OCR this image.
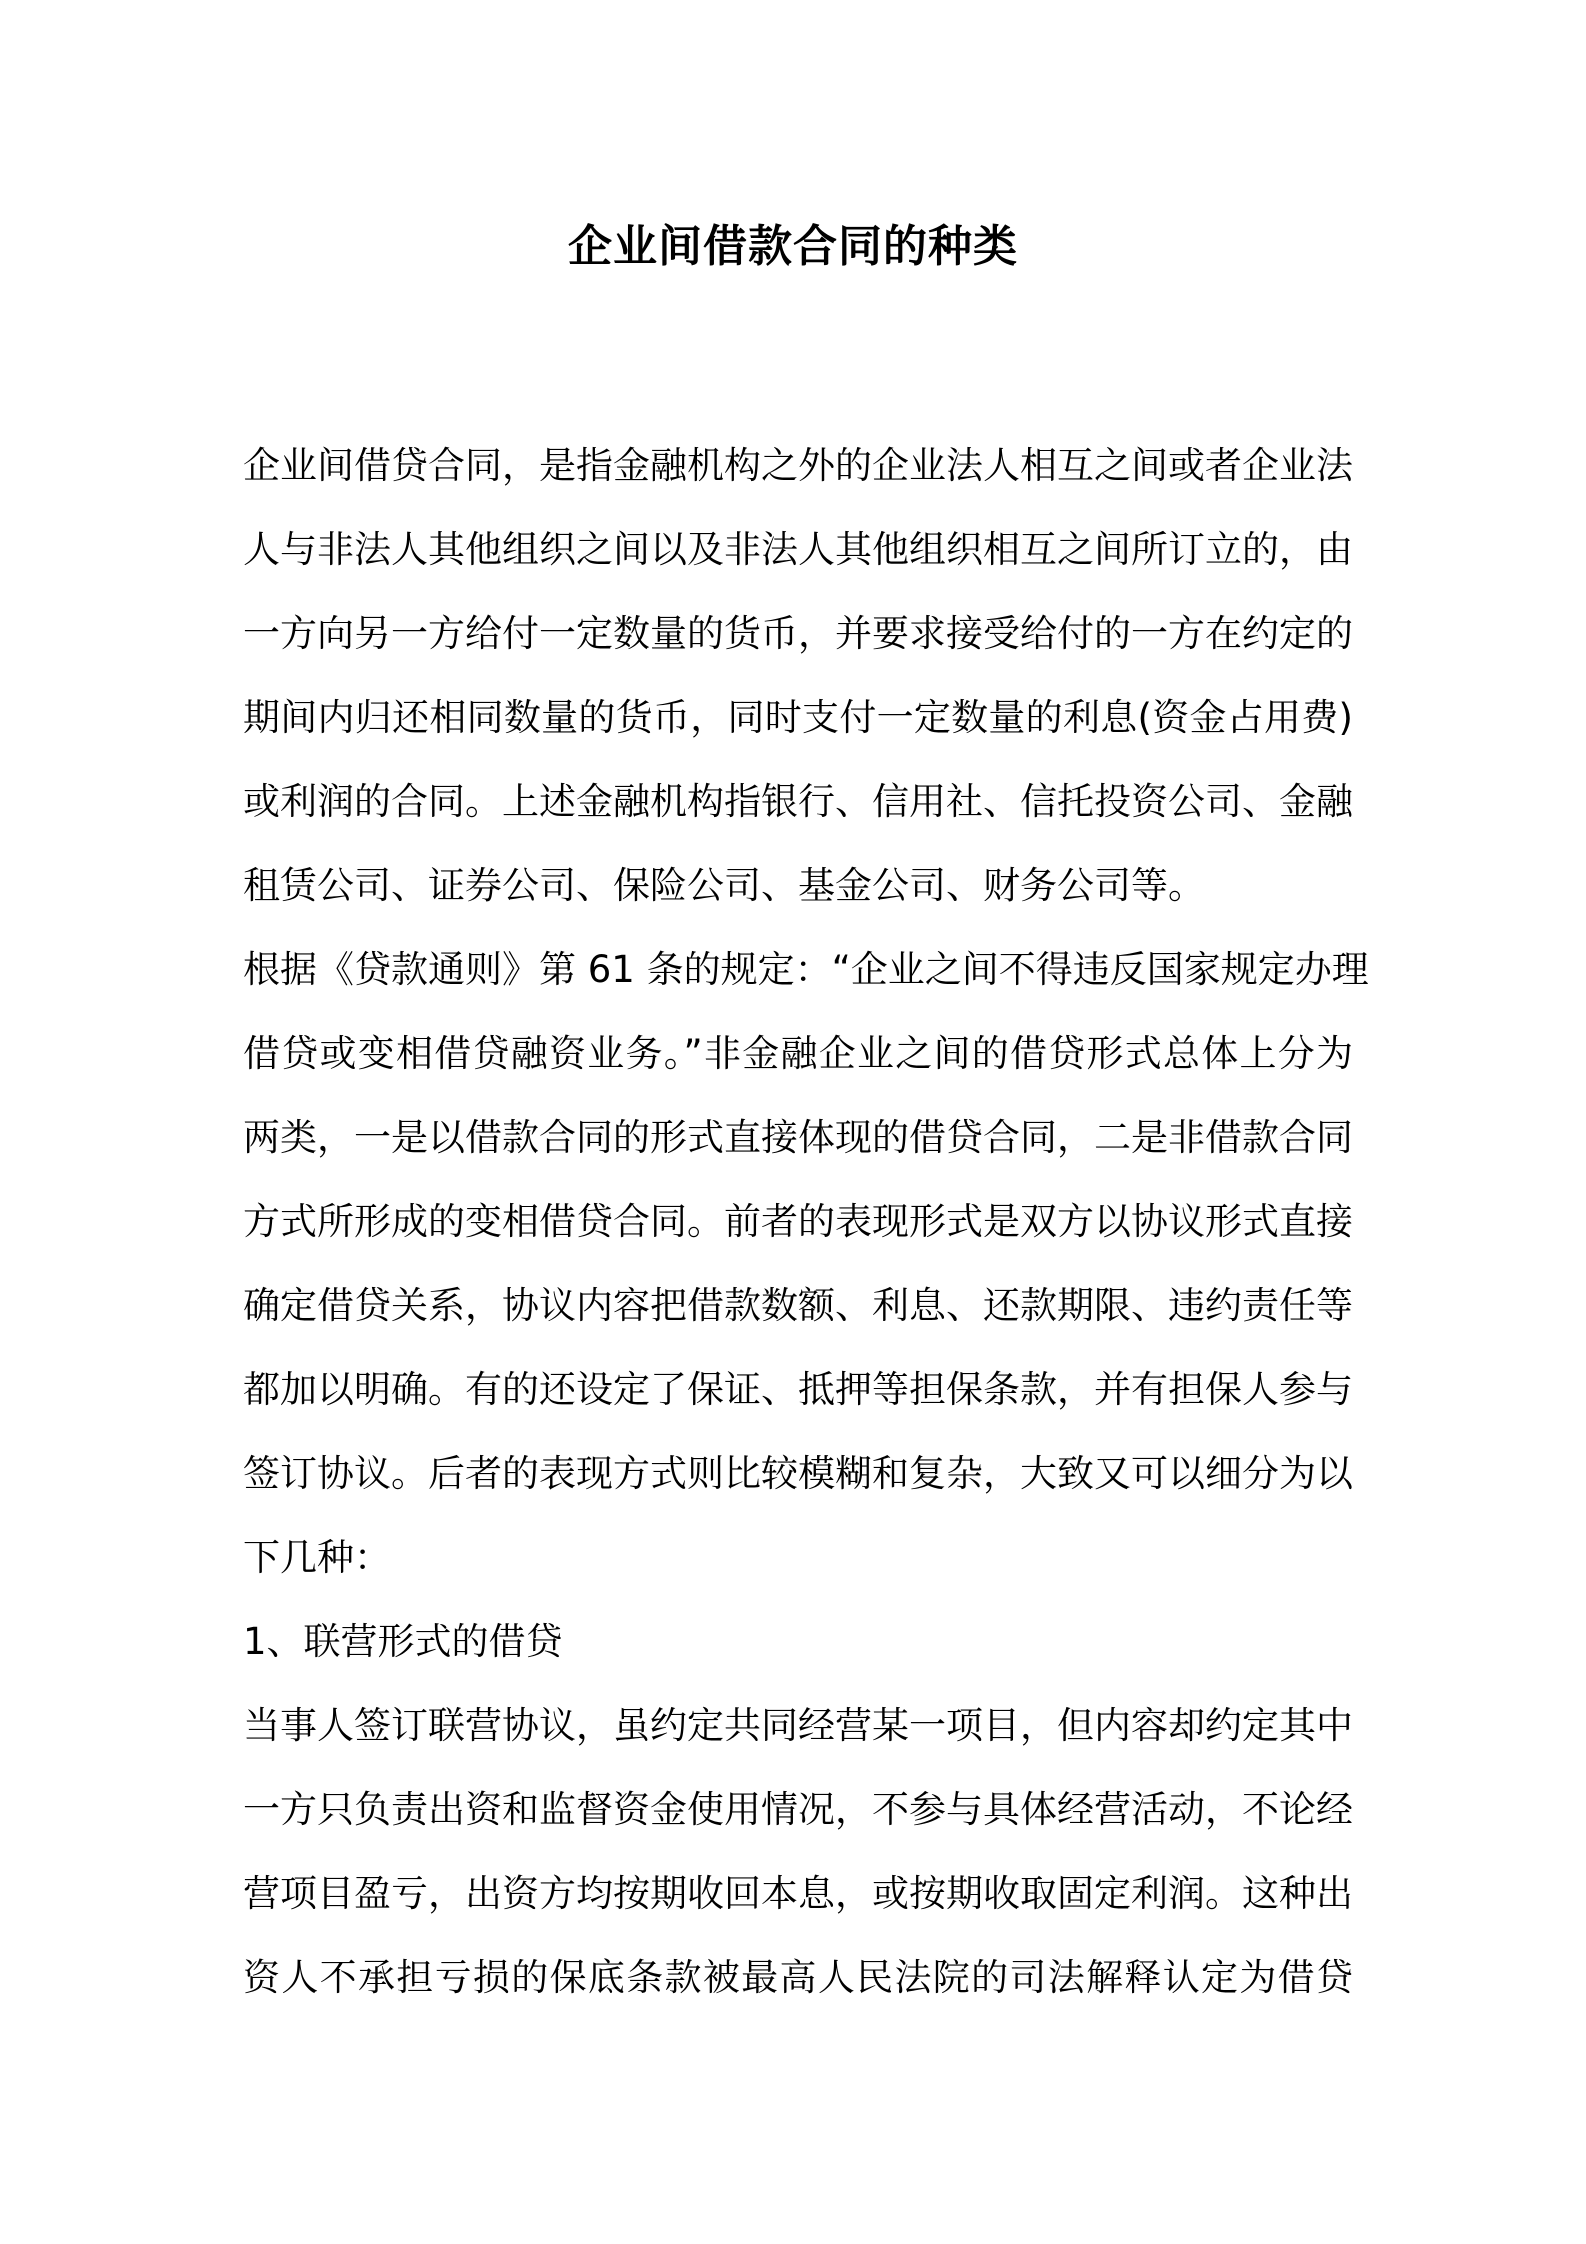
企业间借款合同的种类
企业间借贷合同，是指金融机构之外的企业法人相互之间或者企业法
人与非法人其他组织之间以及非法人其他组织相互之间所订立的，由
一方向另一方给付一定数量的货币，并要求接受给付的一方在约定的
期间内归还相同数量的货币，同时支付一定数量的利息(资金占用费)
或利润的合同。上述金融机构指银行、信用社、信托投资公司、金融
租赁公司、证券公司、保险公司、基金公司、财务公司等。
根据《贷款通则》第 61 条的规定：“企业之间不得违反国家规定办理
借贷或变相借贷融资业务。”非金融企业之间的借贷形式总体上分为
两类，一是以借款合同的形式直接体现的借贷合同，二是非借款合同
方式所形成的变相借贷合同。前者的表现形式是双方以协议形式直接
确定借贷关系，协议内容把借款数额、利息、还款期限、违约责任等
都加以明确。有的还设定了保证、抵押等担保条款，并有担保人参与
签订协议。后者的表现方式则比较模糊和复杂，大致又可以细分为以
下几种：
1、联营形式的借贷
当事人签订联营协议，虽约定共同经营某一项目，但内容却约定其中
一方只负责出资和监督资金使用情况，不参与具体经营活动，不论经
营项目盈亏，出资方均按期收回本息，或按期收取固定利润。这种出
资人不承担亏损的保底条款被最高人民法院的司法解释认定为借贷
